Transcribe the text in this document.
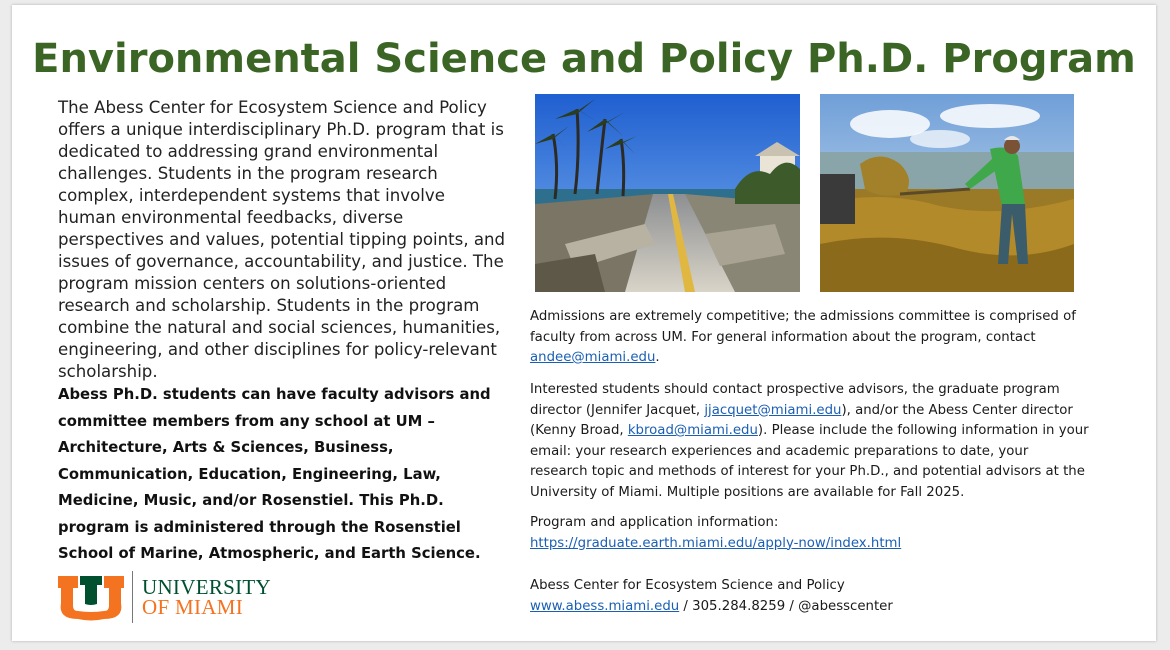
Environmental Science and Policy Ph.D. Program

The Abess Center for Ecosystem Science and Policy offers a unique interdisciplinary Ph.D. program that is dedicated to addressing grand environmental challenges. Students in the program research complex, interdependent systems that involve human environmental feedbacks, diverse perspectives and values, potential tipping points, and issues of governance, accountability, and justice. The program mission centers on solutions-oriented research and scholarship. Students in the program combine the natural and social sciences, humanities, engineering, and other disciplines for policy-relevant scholarship.

Abess Ph.D. students can have faculty advisors and committee members from any school at UM – Architecture, Arts & Sciences, Business, Communication, Education, Engineering, Law, Medicine, Music, and/or Rosenstiel. This Ph.D. program is administered through the Rosenstiel School of Marine, Atmospheric, and Earth Science.

UNIVERSITY
OF MIAMI

Admissions are extremely competitive; the admissions committee is comprised of faculty from across UM. For general information about the program, contact andee@miami.edu.

Interested students should contact prospective advisors, the graduate program director (Jennifer Jacquet, jjacquet@miami.edu), and/or the Abess Center director (Kenny Broad, kbroad@miami.edu). Please include the following information in your email: your research experiences and academic preparations to date, your research topic and methods of interest for your Ph.D., and potential advisors at the University of Miami. Multiple positions are available for Fall 2025.

Program and application information:
https://graduate.earth.miami.edu/apply-now/index.html

Abess Center for Ecosystem Science and Policy
www.abess.miami.edu / 305.284.8259 / @abesscenter
